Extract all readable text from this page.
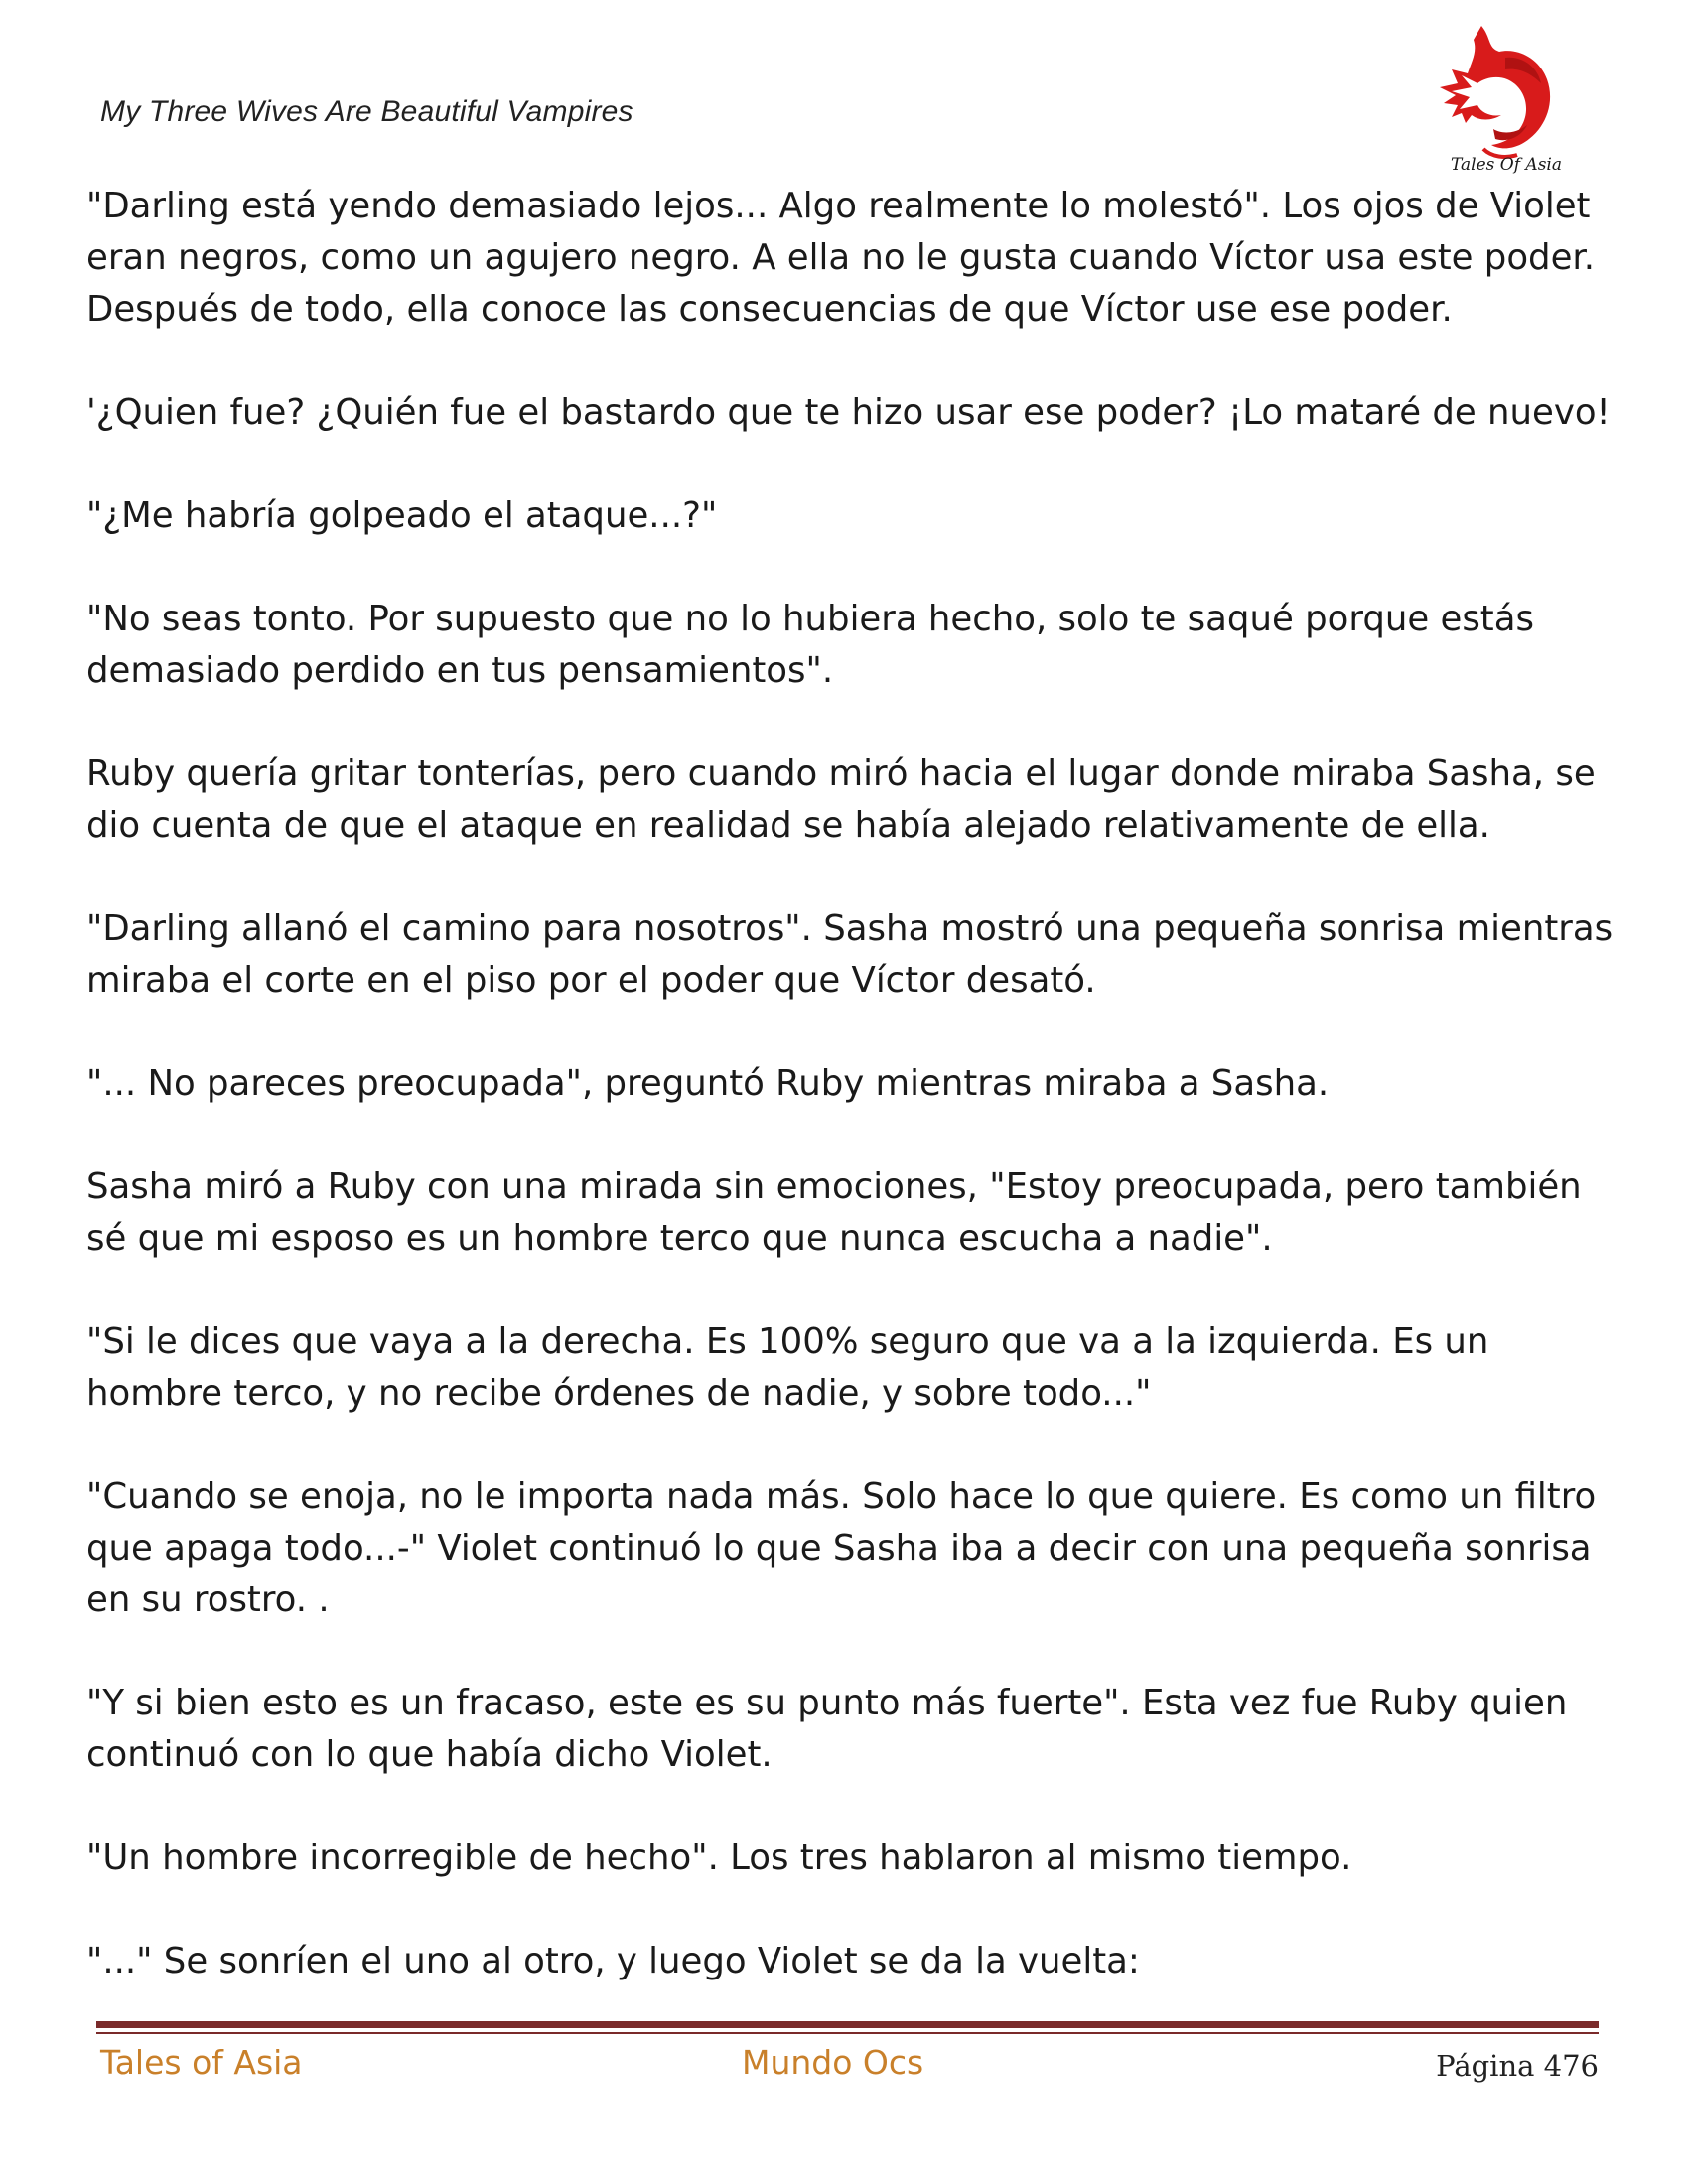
My Three Wives Are Beautiful Vampires
Tales Of Asia

"Darling está yendo demasiado lejos... Algo realmente lo molestó". Los ojos de Violet eran negros, como un agujero negro. A ella no le gusta cuando Víctor usa este poder. Después de todo, ella conoce las consecuencias de que Víctor use ese poder.

'¿Quien fue? ¿Quién fue el bastardo que te hizo usar ese poder? ¡Lo mataré de nuevo!

"¿Me habría golpeado el ataque...?"

"No seas tonto. Por supuesto que no lo hubiera hecho, solo te saqué porque estás demasiado perdido en tus pensamientos".

Ruby quería gritar tonterías, pero cuando miró hacia el lugar donde miraba Sasha, se dio cuenta de que el ataque en realidad se había alejado relativamente de ella.

"Darling allanó el camino para nosotros". Sasha mostró una pequeña sonrisa mientras miraba el corte en el piso por el poder que Víctor desató.

"... No pareces preocupada", preguntó Ruby mientras miraba a Sasha.

Sasha miró a Ruby con una mirada sin emociones, "Estoy preocupada, pero también sé que mi esposo es un hombre terco que nunca escucha a nadie".

"Si le dices que vaya a la derecha. Es 100% seguro que va a la izquierda. Es un hombre terco, y no recibe órdenes de nadie, y sobre todo..."

"Cuando se enoja, no le importa nada más. Solo hace lo que quiere. Es como un filtro que apaga todo...-" Violet continuó lo que Sasha iba a decir con una pequeña sonrisa en su rostro. .

"Y si bien esto es un fracaso, este es su punto más fuerte". Esta vez fue Ruby quien continuó con lo que había dicho Violet.

"Un hombre incorregible de hecho". Los tres hablaron al mismo tiempo.

"..." Se sonríen el uno al otro, y luego Violet se da la vuelta:

Tales of Asia	Mundo Ocs	Página 476
